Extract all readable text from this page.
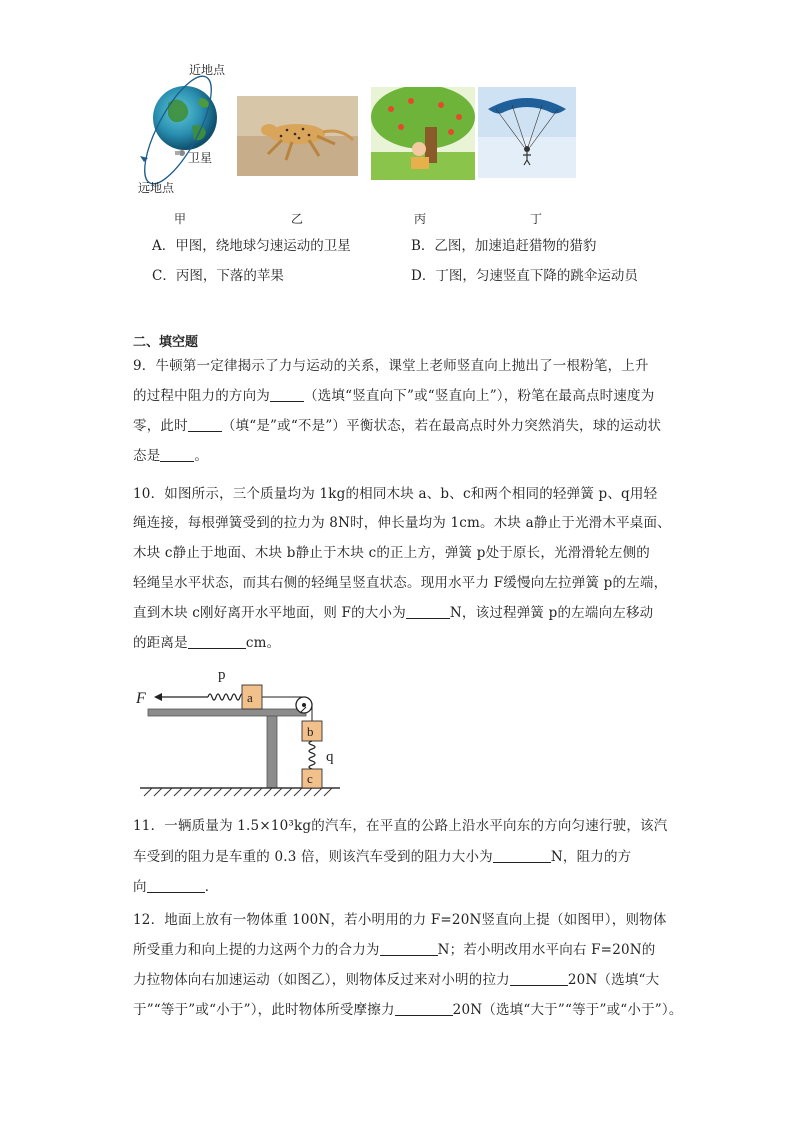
近地点
卫星
远地点
甲	乙	丙	丁
A．甲图，绕地球匀速运动的卫星	B．乙图，加速追赶猎物的猎豹
C．丙图，下落的苹果	D．丁图，匀速竖直下降的跳伞运动员
二、填空题
9．牛顿第一定律揭示了力与运动的关系，课堂上老师竖直向上抛出了一根粉笔，上升
的过程中阻力的方向为	（选填“竖直向下”或“竖直向上”），粉笔在最高点时速度为
零，此时	（填“是”或“不是”）平衡状态，若在最高点时外力突然消失，球的运动状
态是	。
10．如图所示，三个质量均为 1kg的相同木块 a、b、c和两个相同的轻弹簧 p、q用轻
绳连接，每根弹簧受到的拉力为 8N时，伸长量均为 1cm。木块 a静止于光滑木平桌面、
木块 c静止于地面、木块 b静止于木块 c的正上方，弹簧 p处于原长，光滑滑轮左侧的
轻绳呈水平状态，而其右侧的轻绳呈竖直状态。现用水平力 F缓慢向左拉弹簧 p的左端，
直到木块 c刚好离开水平地面，则 F的大小为	N，该过程弹簧 p的左端向左移动
的距离是	cm。
F
p
a
b
q
c
11．一辆质量为 1.5×10³kg的汽车，在平直的公路上沿水平向东的方向匀速行驶，该汽
车受到的阻力是车重的 0.3 倍，则该汽车受到的阻力大小为	N，阻力的方
向	．
12．地面上放有一物体重 100N，若小明用的力 F=20N竖直向上提（如图甲），则物体
所受重力和向上提的力这两个力的合力为	N；若小明改用水平向右 F=20N的
力拉物体向右加速运动（如图乙），则物体反过来对小明的拉力	20N（选填“大
于”“等于”或“小于”），此时物体所受摩擦力	20N（选填“大于”“等于”或“小于”）。
